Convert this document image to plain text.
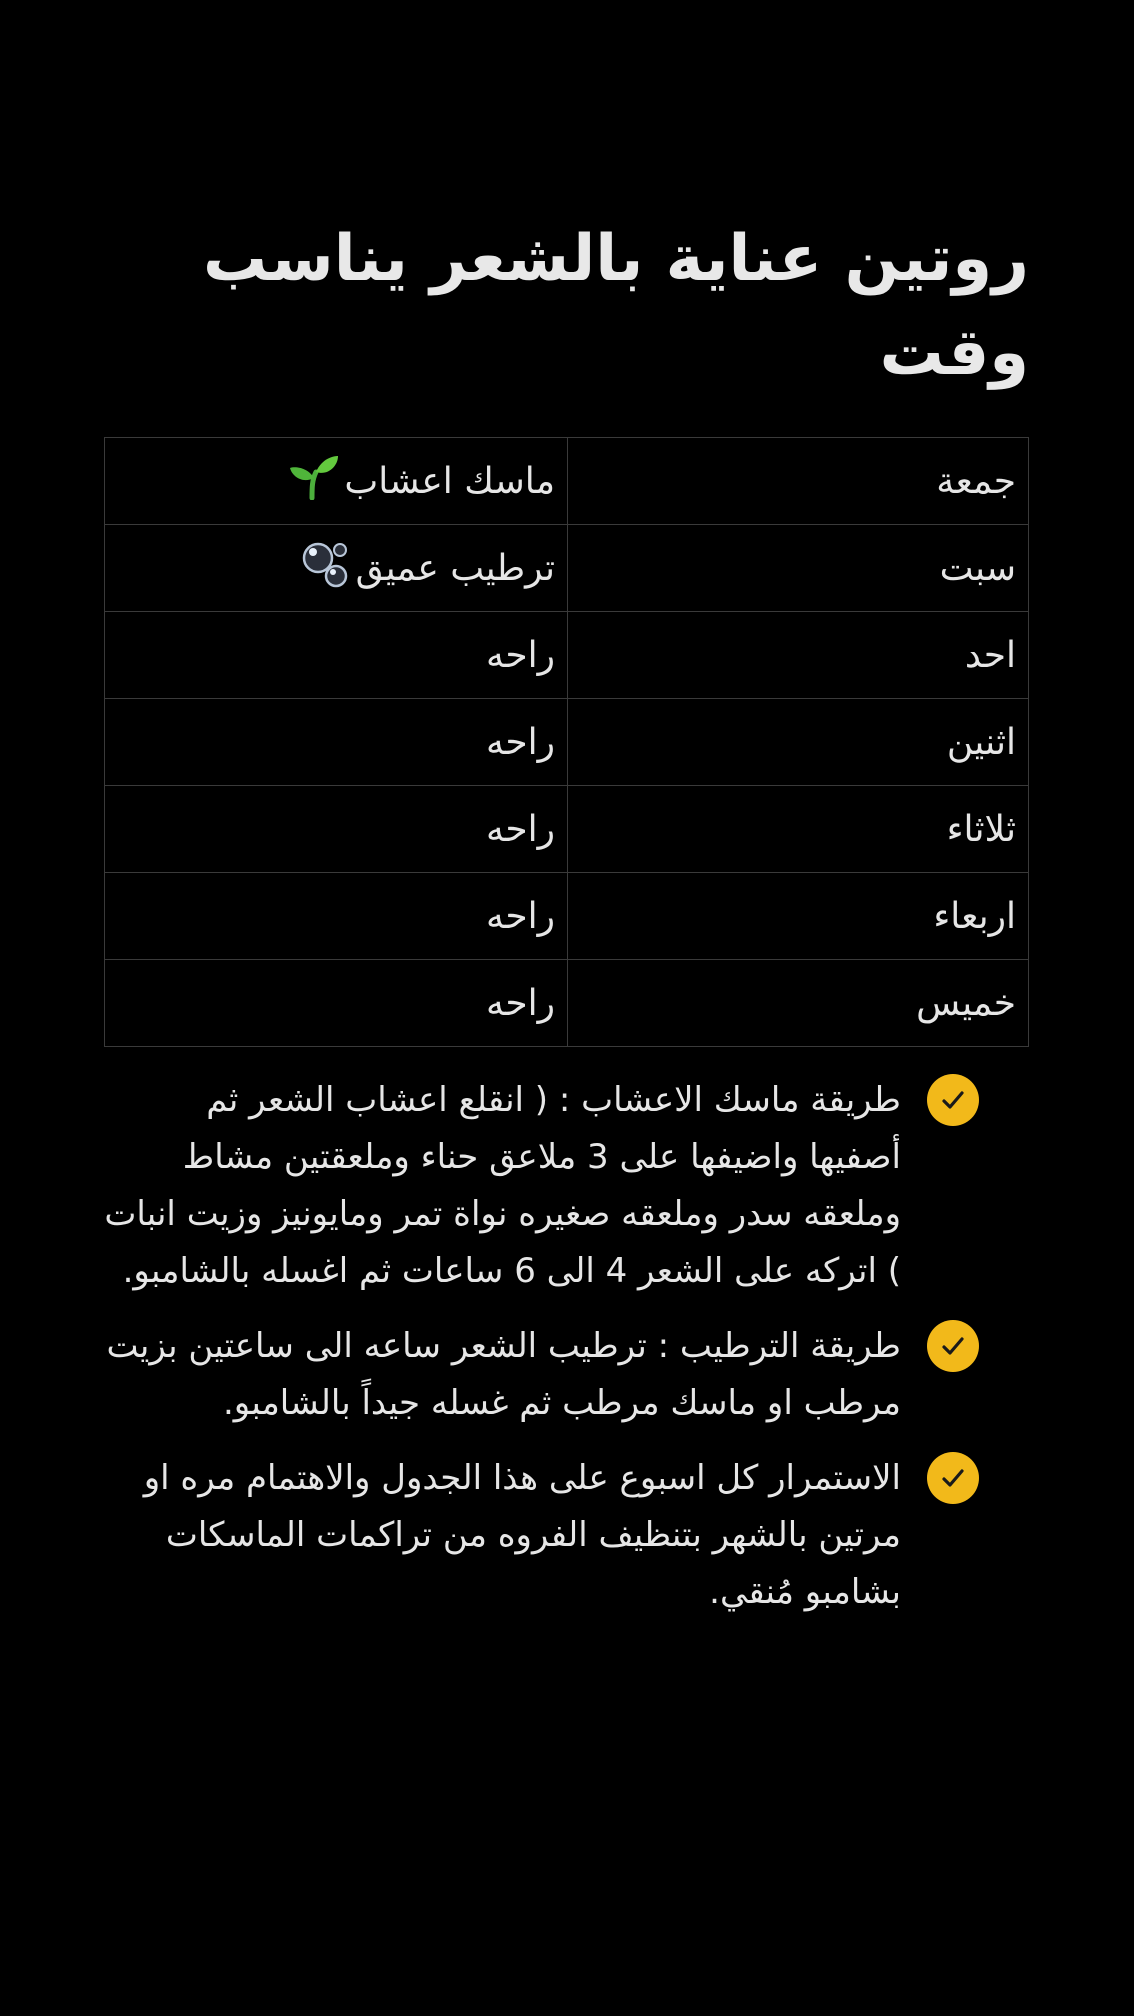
روتين عناية بالشعر يناسب وقت

جمعة	ماسك اعشاب

سبت	ترطيب عميق

احد	راحه
اثنين	راحه
ثلاثاء	راحه
اربعاء	راحه
خميس	راحه
طريقة ماسك الاعشاب : ( انقلع اعشاب الشعر ثم أصفيها واضيفها على 3 ملاعق حناء وملعقتين مشاط وملعقه سدر وملعقه صغيره نواة تمر ومايونيز وزيت انبات ) اتركه على الشعر 4 الى 6 ساعات ثم اغسله بالشامبو.
طريقة الترطيب : ترطيب الشعر ساعه الى ساعتين بزيت مرطب او ماسك مرطب ثم غسله جيداً بالشامبو.
الاستمرار كل اسبوع على هذا الجدول والاهتمام مره او مرتين بالشهر بتنظيف الفروه من تراكمات الماسكات بشامبو مُنقي.
